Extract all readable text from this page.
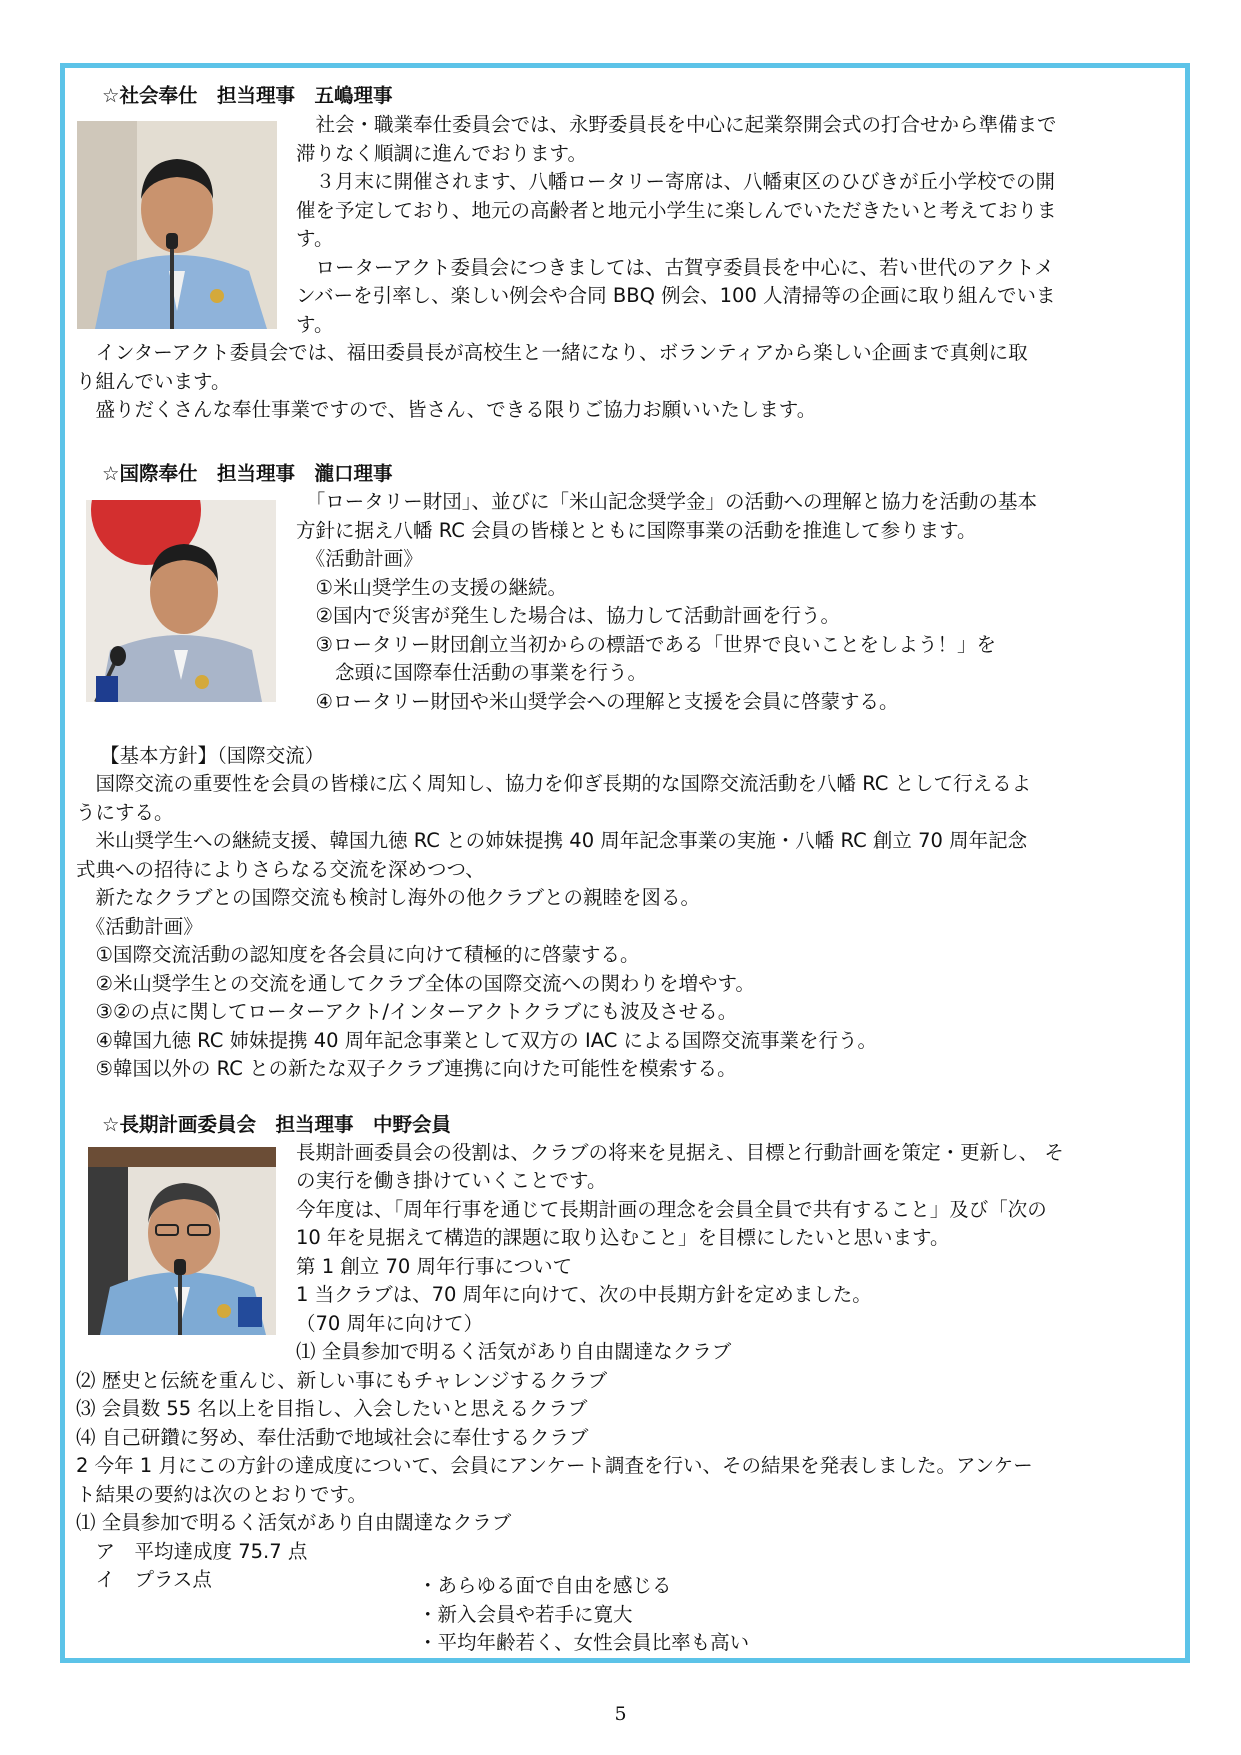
☆社会奉仕　担当理事　五嶋理事
　社会・職業奉仕委員会では、永野委員長を中心に起業祭開会式の打合せから準備まで
滞りなく順調に進んでおります。
　３月末に開催されます、八幡ロータリー寄席は、八幡東区のひびきが丘小学校での開
催を予定しており、地元の高齢者と地元小学生に楽しんでいただきたいと考えておりま
す。
　ローターアクト委員会につきましては、古賀亨委員長を中心に、若い世代のアクトメ
ンバーを引率し、楽しい例会や合同 BBQ 例会、100 人清掃等の企画に取り組んでいま
す。
　インターアクト委員会では、福田委員長が高校生と一緒になり、ボランティアから楽しい企画まで真剣に取
り組んでいます。
　盛りだくさんな奉仕事業ですので、皆さん、できる限りご協力お願いいたします。
☆国際奉仕　担当理事　瀧口理事
　「ロータリー財団」、並びに「米山記念奨学金」の活動への理解と協力を活動の基本
方針に据え八幡 RC 会員の皆様とともに国際事業の活動を推進して参ります。
　《活動計画》
　①米山奨学生の支援の継続。
　②国内で災害が発生した場合は、協力して活動計画を行う。
　③ロータリー財団創立当初からの標語である「世界で良いことをしよう！」を
　　念頭に国際奉仕活動の事業を行う。
　④ロータリー財団や米山奨学会への理解と支援を会員に啓蒙する。
【基本方針】（国際交流）
　国際交流の重要性を会員の皆様に広く周知し、協力を仰ぎ長期的な国際交流活動を八幡 RC として行えるよ
うにする。
　米山奨学生への継続支援、韓国九徳 RC との姉妹提携 40 周年記念事業の実施・八幡 RC 創立 70 周年記念
式典への招待によりさらなる交流を深めつつ、
　新たなクラブとの国際交流も検討し海外の他クラブとの親睦を図る。
　《活動計画》
　①国際交流活動の認知度を各会員に向けて積極的に啓蒙する。
　②米山奨学生との交流を通してクラブ全体の国際交流への関わりを増やす。
　③②の点に関してローターアクト/インターアクトクラブにも波及させる。
　④韓国九徳 RC 姉妹提携 40 周年記念事業として双方の IAC による国際交流事業を行う。
　⑤韓国以外の RC との新たな双子クラブ連携に向けた可能性を模索する。
☆長期計画委員会　担当理事　中野会員
長期計画委員会の役割は、クラブの将来を見据え、目標と行動計画を策定・更新し、 そ
の実行を働き掛けていくことです。
今年度は、「周年行事を通じて長期計画の理念を会員全員で共有すること」及び「次の
10 年を見据えて構造的課題に取り込むこと」を目標にしたいと思います。
第 1 創立 70 周年行事について
1 当クラブは、70 周年に向けて、次の中長期方針を定めました。
（70 周年に向けて）
⑴ 全員参加で明るく活気があり自由闊達なクラブ
⑵ 歴史と伝統を重んじ、新しい事にもチャレンジするクラブ
⑶ 会員数 55 名以上を目指し、入会したいと思えるクラブ
⑷ 自己研鑽に努め、奉仕活動で地域社会に奉仕するクラブ
2 今年 1 月にこの方針の達成度について、会員にアンケート調査を行い、その結果を発表しました。アンケー
ト結果の要約は次のとおりです。
⑴ 全員参加で明るく活気があり自由闊達なクラブ
　ア　平均達成度 75.7 点
　イ　プラス点	・あらゆる面で自由を感じる
・新入会員や若手に寛大
・平均年齢若く、女性会員比率も高い
5
